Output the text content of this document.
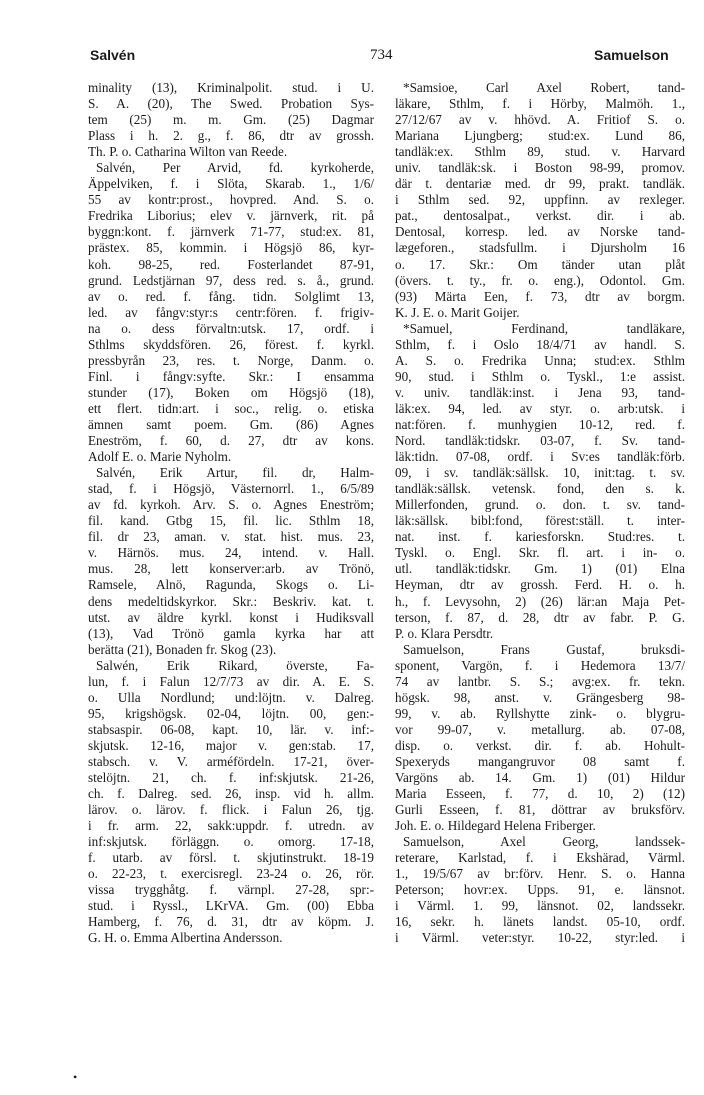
Salvén	734	Samuelson
minality (13), Kriminalpolit. stud. i U.
S. A. (20), The Swed. Probation Sys-
tem (25) m. m. Gm. (25) Dagmar
Plass i h. 2. g., f. 86, dtr av grossh.
Th. P. o. Catharina Wilton van Reede.
Salvén, Per Arvid, fd. kyrkoherde,
Äppelviken, f. i Slöta, Skarab. 1., 1/6/
55 av kontr:prost., hovpred. And. S. o.
Fredrika Liborius; elev v. järnverk, rit. på
byggn:kont. f. järnverk 71-77, stud:ex. 81,
prästex. 85, kommin. i Högsjö 86, kyr-
koh. 98-25, red. Fosterlandet 87-91,
grund. Ledstjärnan 97, dess red. s. å., grund.
av o. red. f. fång. tidn. Solglimt 13,
led. av fångv:styr:s centr:fören. f. frigiv-
na o. dess förvaltn:utsk. 17, ordf. i
Sthlms skyddsfören. 26, förest. f. kyrkl.
pressbyrån 23, res. t. Norge, Danm. o.
Finl. i fångv:syfte. Skr.: I ensamma
stunder (17), Boken om Högsjö (18),
ett flert. tidn:art. i soc., relig. o. etiska
ämnen samt poem. Gm. (86) Agnes
Eneström, f. 60, d. 27, dtr av kons.
Adolf E. o. Marie Nyholm.
Salvén, Erik Artur, fil. dr, Halm-
stad, f. i Högsjö, Västernorrl. 1., 6/5/89
av fd. kyrkoh. Arv. S. o. Agnes Eneström;
fil. kand. Gtbg 15, fil. lic. Sthlm 18,
fil. dr 23, aman. v. stat. hist. mus. 23,
v. Härnös. mus. 24, intend. v. Hall.
mus. 28, lett konserver:arb. av Trönö,
Ramsele, Alnö, Ragunda, Skogs o. Li-
dens medeltidskyrkor. Skr.: Beskriv. kat. t.
utst. av äldre kyrkl. konst i Hudiksvall
(13), Vad Trönö gamla kyrka har att
berätta (21), Bonaden fr. Skog (23).
Salwén, Erik Rikard, överste, Fa-
lun, f. i Falun 12/7/73 av dir. A. E. S.
o. Ulla Nordlund; und:löjtn. v. Dalreg.
95, krigshögsk. 02-04, löjtn. 00, gen:-
stabsaspir. 06-08, kapt. 10, lär. v. inf:-
skjutsk. 12-16, major v. gen:stab. 17,
stabsch. v. V. arméfördeln. 17-21, över-
stelöjtn. 21, ch. f. inf:skjutsk. 21-26,
ch. f. Dalreg. sed. 26, insp. vid h. allm.
lärov. o. lärov. f. flick. i Falun 26, tjg.
i fr. arm. 22, sakk:uppdr. f. utredn. av
inf:skjutsk. förläggn. o. omorg. 17-18,
f. utarb. av försl. t. skjutinstrukt. 18-19
o. 22-23, t. exercisregl. 23-24 o. 26, rör.
vissa trygghåtg. f. värnpl. 27-28, spr:-
stud. i Ryssl., LKrVA. Gm. (00) Ebba
Hamberg, f. 76, d. 31, dtr av köpm. J.
G. H. o. Emma Albertina Andersson.
*Samsioe, Carl Axel Robert, tand-
läkare, Sthlm, f. i Hörby, Malmöh. 1.,
27/12/67 av v. hhövd. A. Fritiof S. o.
Mariana Ljungberg; stud:ex. Lund 86,
tandläk:ex. Sthlm 89, stud. v. Harvard
univ. tandläk:sk. i Boston 98-99, promov.
där t. dentariæ med. dr 99, prakt. tandläk.
i Sthlm sed. 92, uppfinn. av rexleger.
pat., dentosalpat., verkst. dir. i ab.
Dentosal, korresp. led. av Norske tand-
lægeforen., stadsfullm. i Djursholm 16
o. 17. Skr.: Om tänder utan plåt
(övers. t. ty., fr. o. eng.), Odontol. Gm.
(93) Märta Een, f. 73, dtr av borgm.
K. J. E. o. Marit Goijer.
*Samuel, Ferdinand, tandläkare,
Sthlm, f. i Oslo 18/4/71 av handl. S.
A. S. o. Fredrika Unna; stud:ex. Sthlm
90, stud. i Sthlm o. Tyskl., 1:e assist.
v. univ. tandläk:inst. i Jena 93, tand-
läk:ex. 94, led. av styr. o. arb:utsk. i
nat:fören. f. munhygien 10-12, red. f.
Nord. tandläk:tidskr. 03-07, f. Sv. tand-
läk:tidn. 07-08, ordf. i Sv:es tandläk:förb.
09, i sv. tandläk:sällsk. 10, init:tag. t. sv.
tandläk:sällsk. vetensk. fond, den s. k.
Millerfonden, grund. o. don. t. sv. tand-
läk:sällsk. bibl:fond, förest:ställ. t. inter-
nat. inst. f. kariesforskn. Stud:res. t.
Tyskl. o. Engl. Skr. fl. art. i in- o.
utl. tandläk:tidskr. Gm. 1) (01) Elna
Heyman, dtr av grossh. Ferd. H. o. h.
h., f. Levysohn, 2) (26) lär:an Maja Pet-
terson, f. 87, d. 28, dtr av fabr. P. G.
P. o. Klara Persdtr.
Samuelson, Frans Gustaf, bruksdi-
sponent, Vargön, f. i Hedemora 13/7/
74 av lantbr. S. S.; avg:ex. fr. tekn.
högsk. 98, anst. v. Grängesberg 98-
99, v. ab. Ryllshytte zink- o. blygru-
vor 99-07, v. metallurg. ab. 07-08,
disp. o. verkst. dir. f. ab. Hohult-
Spexeryds mangangruvor 08 samt f.
Vargöns ab. 14. Gm. 1) (01) Hildur
Maria Esseen, f. 77, d. 10, 2) (12)
Gurli Esseen, f. 81, döttrar av bruksförv.
Joh. E. o. Hildegard Helena Friberger.
Samuelson, Axel Georg, landssek-
reterare, Karlstad, f. i Ekshärad, Värml.
1., 19/5/67 av br:förv. Henr. S. o. Hanna
Peterson; hovr:ex. Upps. 91, e. länsnot.
i Värml. 1. 99, länsnot. 02, landssekr.
16, sekr. h. länets landst. 05-10, ordf.
i Värml. veter:styr. 10-22, styr:led. i
•
